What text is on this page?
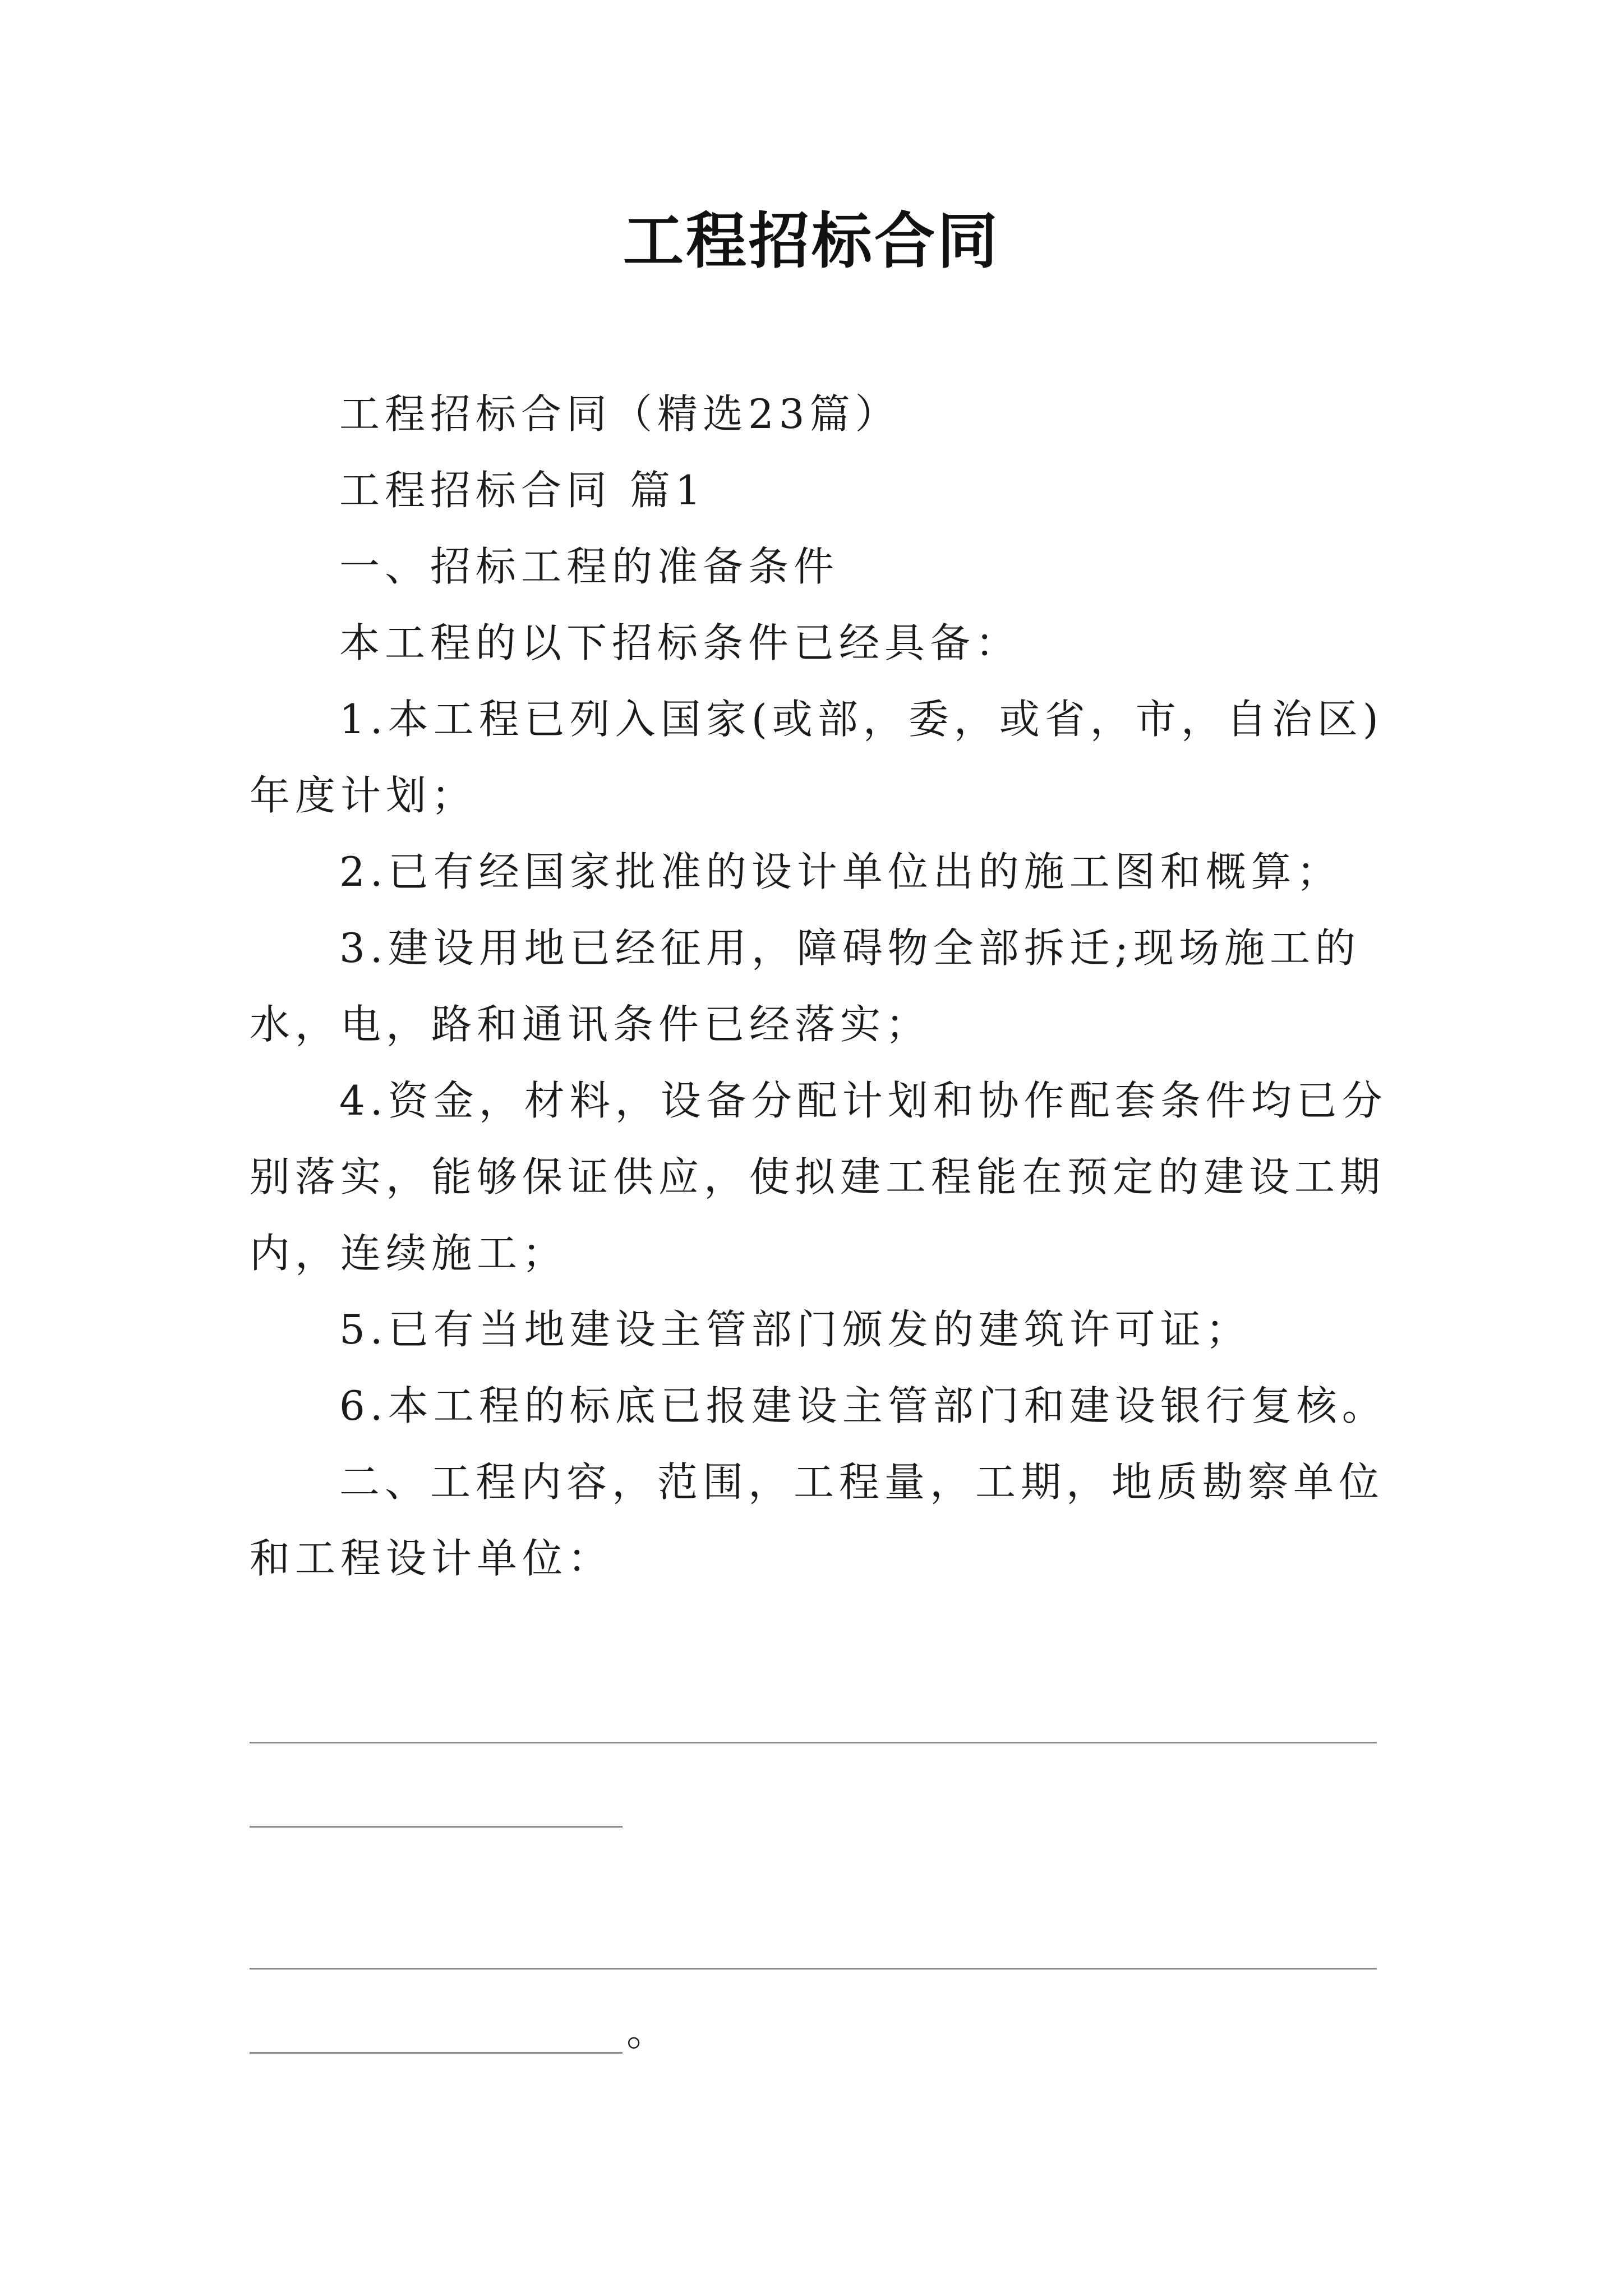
工程招标合同

工程招标合同（精选23篇）

工程招标合同 篇1

一、招标工程的准备条件

本工程的以下招标条件已经具备：

1.本工程已列入国家(或部，委，或省，市，自治区)年度计划；

2.已有经国家批准的设计单位出的施工图和概算；

3.建设用地已经征用，障碍物全部拆迁;现场施工的水，电，路和通讯条件已经落实；

4.资金，材料，设备分配计划和协作配套条件均已分别落实，能够保证供应，使拟建工程能在预定的建设工期内，连续施工；

5.已有当地建设主管部门颁发的建筑许可证；

6.本工程的标底已报建设主管部门和建设银行复核。

二、工程内容，范围，工程量，工期，地质勘察单位和工程设计单位：

。
